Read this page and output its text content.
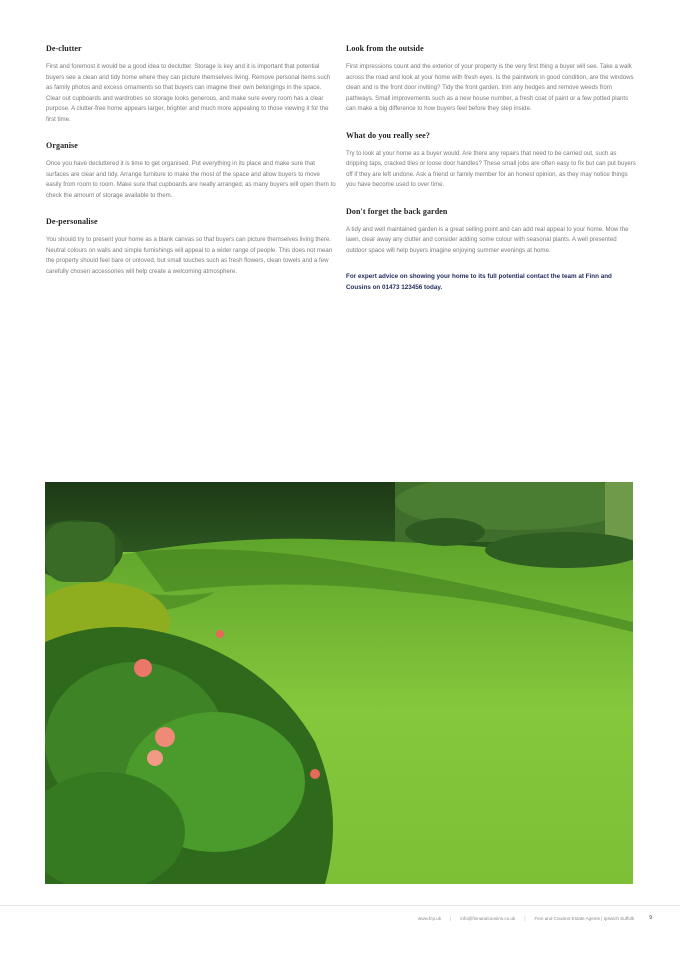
De-clutter

First and foremost it would be a good idea to declutter. Storage is key and it is important that potential buyers see a clean and tidy home where they can picture themselves living. Remove personal items such as family photos and excess ornaments so that buyers can imagine their own belongings in the space. Clear out cupboards and wardrobes so storage looks generous, and make sure every room has a clear purpose. A clutter-free home appears larger, brighter and much more appealing to those viewing it for the first time.

Organise

Once you have decluttered it is time to get organised. Put everything in its place and make sure that surfaces are clear and tidy. Arrange furniture to make the most of the space and allow buyers to move easily from room to room. Make sure that cupboards are neatly arranged, as many buyers will open them to check the amount of storage available to them.

De-personalise

You should try to present your home as a blank canvas so that buyers can picture themselves living there. Neutral colours on walls and simple furnishings will appeal to a wider range of people. This does not mean the property should feel bare or unloved, but small touches such as fresh flowers, clean towels and a few carefully chosen accessories will help create a welcoming atmosphere.

Look from the outside

First impressions count and the exterior of your property is the very first thing a buyer will see. Take a walk across the road and look at your home with fresh eyes. Is the paintwork in good condition, are the windows clean and is the front door inviting? Tidy the front garden, trim any hedges and remove weeds from pathways. Small improvements such as a new house number, a fresh coat of paint or a few potted plants can make a big difference to how buyers feel before they step inside.

What do you really see?

Try to look at your home as a buyer would. Are there any repairs that need to be carried out, such as dripping taps, cracked tiles or loose door handles? These small jobs are often easy to fix but can put buyers off if they are left undone. Ask a friend or family member for an honest opinion, as they may notice things you have become used to over time.

Don't forget the back garden

A tidy and well maintained garden is a great selling point and can add real appeal to your home. Mow the lawn, clear away any clutter and consider adding some colour with seasonal plants. A well presented outdoor space will help buyers imagine enjoying summer evenings at home.

For expert advice on showing your home to its full potential contact the team at Finn and Cousins on 01473 123456 today.

www.fcp.uk | info@finnandcousins.co.uk | Finn and Cousins Estate Agents | Ipswich Suffolk	9
